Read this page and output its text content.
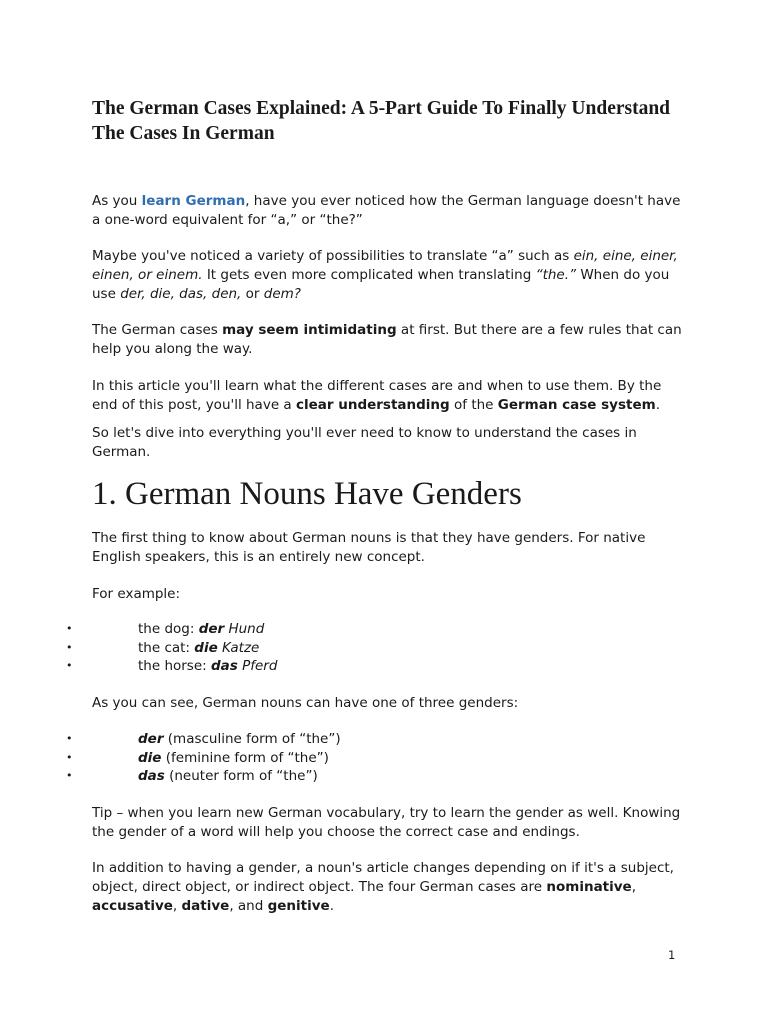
The German Cases Explained: A 5-Part Guide To Finally Understand The Cases In German

As you learn German, have you ever noticed how the German language doesn't have a one-word equivalent for “a,” or “the?”

Maybe you've noticed a variety of possibilities to translate “a” such as ein, eine, einer, einen, or einem. It gets even more complicated when translating “the.” When do you use der, die, das, den, or dem?

The German cases may seem intimidating at first. But there are a few rules that can help you along the way.

In this article you'll learn what the different cases are and when to use them. By the end of this post, you'll have a clear understanding of the German case system.

So let's dive into everything you'll ever need to know to understand the cases in German.

1. German Nouns Have Genders

The first thing to know about German nouns is that they have genders. For native English speakers, this is an entirely new concept.

For example:

•	the dog: der Hund
•	the cat: die Katze
•	the horse: das Pferd

As you can see, German nouns can have one of three genders:

•	der (masculine form of “the”)
•	die (feminine form of “the”)
•	das (neuter form of “the”)

Tip – when you learn new German vocabulary, try to learn the gender as well. Knowing the gender of a word will help you choose the correct case and endings.

In addition to having a gender, a noun's article changes depending on if it's a subject, object, direct object, or indirect object. The four German cases are nominative, accusative, dative, and genitive.

1
